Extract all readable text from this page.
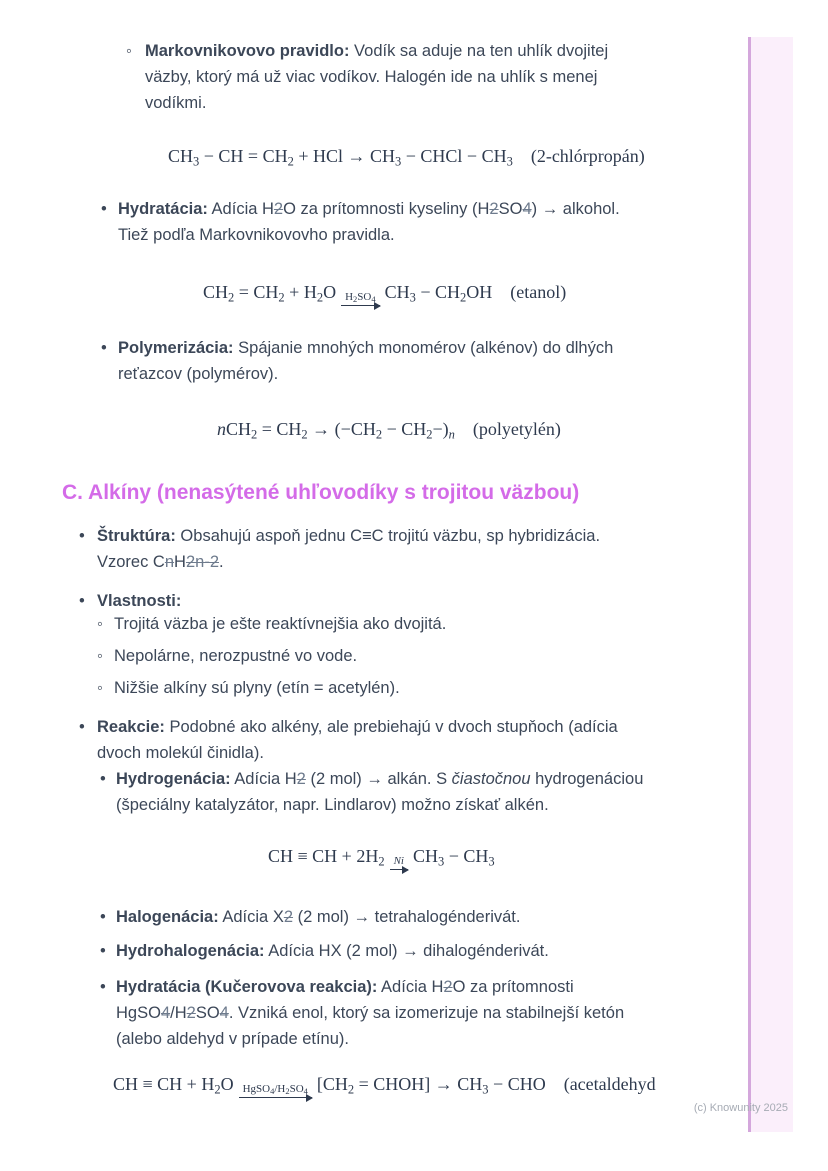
◦ Markovnikovovo pravidlo: Vodík sa aduje na ten uhlík dvojitej
väzby, ktorý má už viac vodíkov. Halogén ide na uhlík s menej
vodíkmi.
CH3 − CH = CH2 + HCl → CH3 − CHCl − CH3 (2-chlórpropán)
• Hydratácia: Adícia H2O za prítomnosti kyseliny (H2SO4) → alkohol.
Tiež podľa Markovnikovovho pravidla.
CH2 = CH2 + H2O H2SO4 CH3 − CH2OH (etanol)
• Polymerizácia: Spájanie mnohých monomérov (alkénov) do dlhých
reťazcov (polymérov).
nCH2 = CH2 → (−CH2 − CH2−)n (polyetylén)
C. Alkíny (nenasýtené uhľovodíky s trojitou väzbou)
• Štruktúra: Obsahujú aspoň jednu C≡C trojitú väzbu, sp hybridizácia.
Vzorec CnH2n-2.
• Vlastnosti:
◦ Trojitá väzba je ešte reaktívnejšia ako dvojitá.
◦ Nepolárne, nerozpustné vo vode.
◦ Nižšie alkíny sú plyny (etín = acetylén).
• Reakcie: Podobné ako alkény, ale prebiehajú v dvoch stupňoch (adícia
dvoch molekúl činidla).
• Hydrogenácia: Adícia H2 (2 mol) → alkán. S čiastočnou hydrogenáciou
(špeciálny katalyzátor, napr. Lindlarov) možno získať alkén.
CH ≡ CH + 2H2 Ni CH3 − CH3
• Halogenácia: Adícia X2 (2 mol) → tetrahalogénderivát.
• Hydrohalogenácia: Adícia HX (2 mol) → dihalogénderivát.
• Hydratácia (Kučerovova reakcia): Adícia H2O za prítomnosti
HgSO4/H2SO4. Vzniká enol, ktorý sa izomerizuje na stabilnejší ketón
(alebo aldehyd v prípade etínu).
CH ≡ CH + H2O HgSO4/H2SO4 [CH2 = CHOH] → CH3 − CHO (acetaldehyd
(c) Knowunity 2025
